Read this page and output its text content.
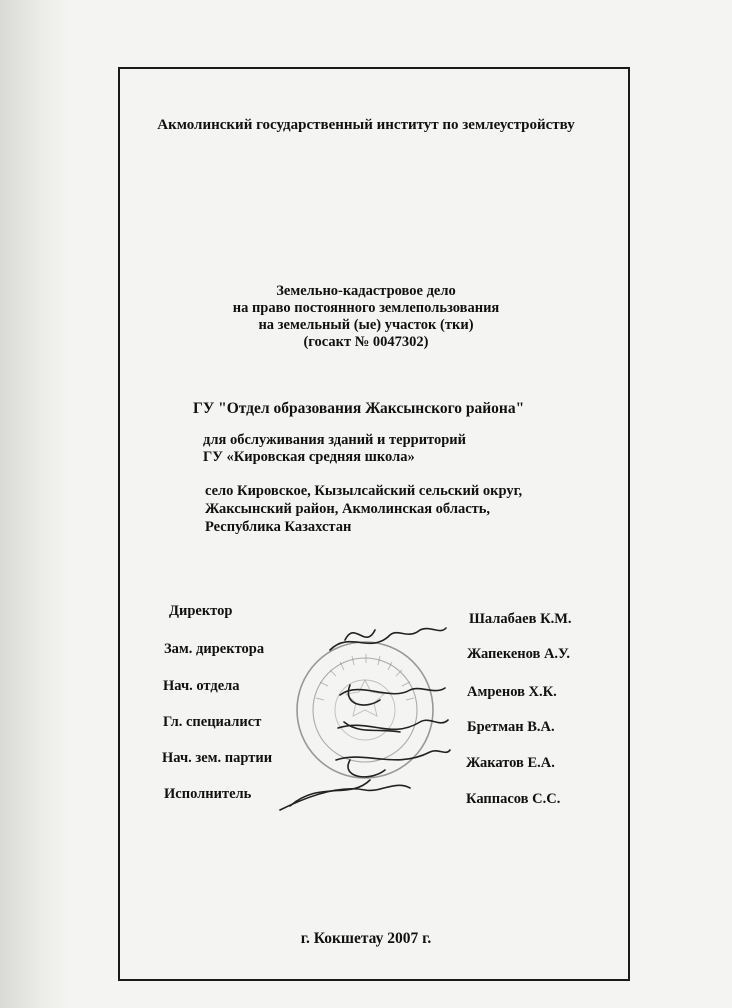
Акмолинский государственный институт по землеустройству
Земельно-кадастровое дело
на право постоянного землепользования
на земельный (ые) участок (тки)
(госакт № 0047302)
ГУ "Отдел образования Жаксынского района"
для обслуживания зданий и территорий
ГУ «Кировская средняя школа»
село Кировское, Кызылсайский сельский округ,
Жаксынский район, Акмолинская область,
Республика Казахстан
Директор
Зам. директора
Нач. отдела
Гл. специалист
Нач. зем. партии
Исполнитель
Шалабаев К.М.
Жапекенов А.У.
Амренов Х.К.
Бретман В.А.
Жакатов Е.А.
Каппасов С.С.
г. Кокшетау 2007 г.
